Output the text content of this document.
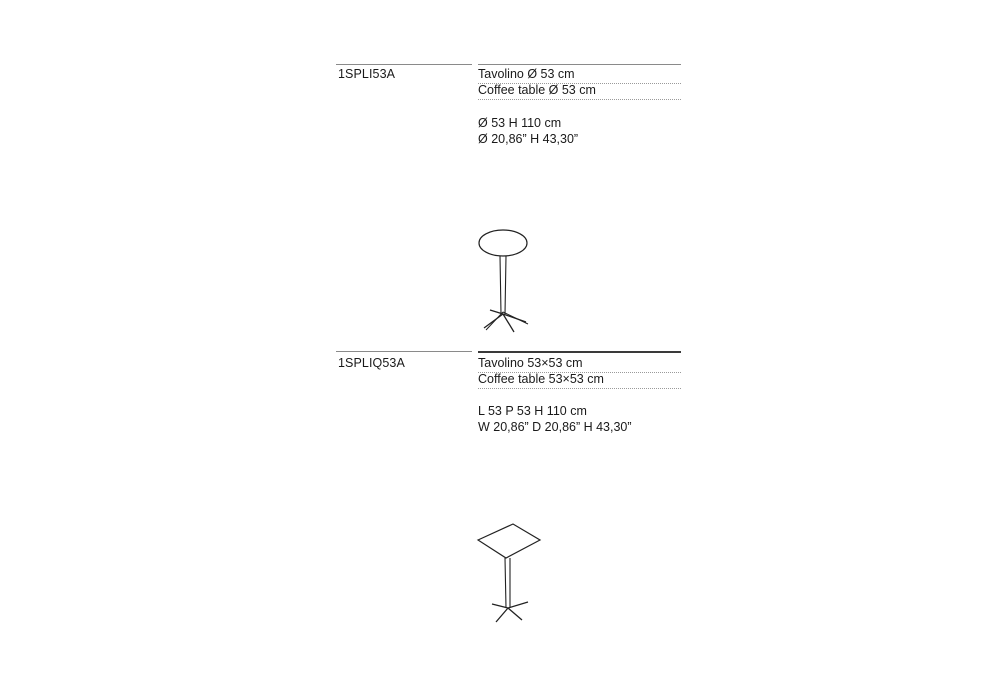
1SPLI53A	Tavolino Ø 53 cm
Coffee table Ø 53 cm
Ø 53 H 110 cm
Ø 20,86” H 43,30”
1SPLIQ53A	Tavolino 53×53 cm
Coffee table 53×53 cm
L 53 P 53 H 110 cm
W 20,86” D 20,86” H 43,30”
